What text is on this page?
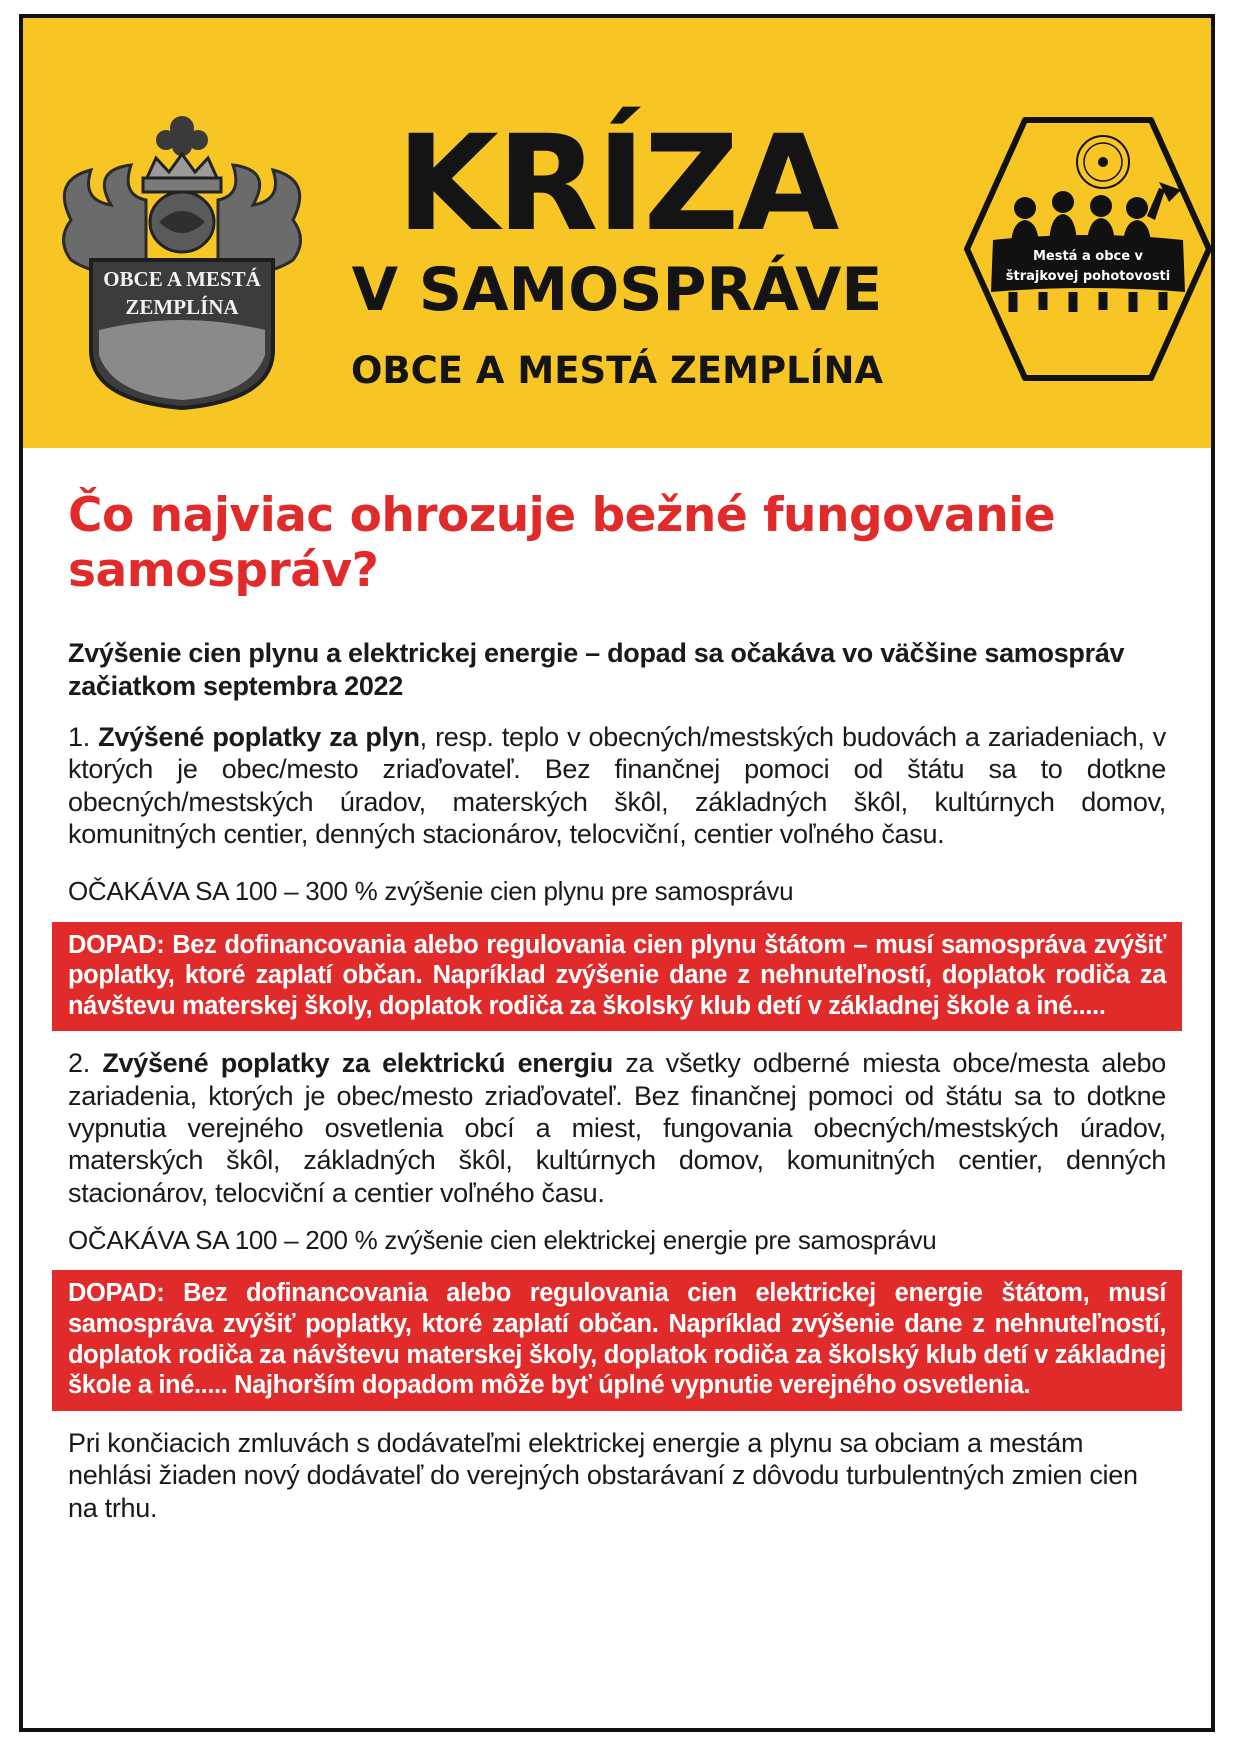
OBCE A MESTÁ
ZEMPLÍNA
KRÍZA
V SAMOSPRÁVE
OBCE A MESTÁ ZEMPLÍNA
Mestá a obce v
štrajkovej pohotovosti
Čo najviac ohrozuje bežné fungovanie samospráv?

Zvýšenie cien plynu a elektrickej energie – dopad sa očakáva vo väčšine samospráv začiatkom septembra 2022

1. Zvýšené poplatky za plyn, resp. teplo v obecných/mestských budovách a zariadeniach, v ktorých je obec/mesto zriaďovateľ. Bez finančnej pomoci od štátu sa to dotkne obecných/mestských úradov, materských škôl, základných škôl, kultúrnych domov, komunitných centier, denných stacionárov, telocviční, centier voľného času.

OČAKÁVA SA 100 – 300 % zvýšenie cien plynu pre samosprávu

DOPAD: Bez dofinancovania alebo regulovania cien plynu štátom – musí samospráva zvýšiť poplatky, ktoré zaplatí občan. Napríklad zvýšenie dane z nehnuteľností, doplatok rodiča za návštevu materskej školy, doplatok rodiča za školský klub detí v základnej škole a iné.....

2. Zvýšené poplatky za elektrickú energiu za všetky odberné miesta obce/mesta alebo zariadenia, ktorých je obec/mesto zriaďovateľ. Bez finančnej pomoci od štátu sa to dotkne vypnutia verejného osvetlenia obcí a miest, fungovania obecných/mestských úradov, materských škôl, základných škôl, kultúrnych domov, komunitných centier, denných stacionárov, telocviční a centier voľného času.

OČAKÁVA SA 100 – 200 % zvýšenie cien elektrickej energie pre samosprávu

DOPAD: Bez dofinancovania alebo regulovania cien elektrickej energie štátom, musí samospráva zvýšiť poplatky, ktoré zaplatí občan. Napríklad zvýšenie dane z nehnuteľností, doplatok rodiča za návštevu materskej školy, doplatok rodiča za školský klub detí v základnej škole a iné..... Najhorším dopadom môže byť úplné vypnutie verejného osvetlenia.

Pri končiacich zmluvách s dodávateľmi elektrickej energie a plynu sa obciam a mestám nehlási žiaden nový dodávateľ do verejných obstarávaní z dôvodu turbulentných zmien cien na trhu.
